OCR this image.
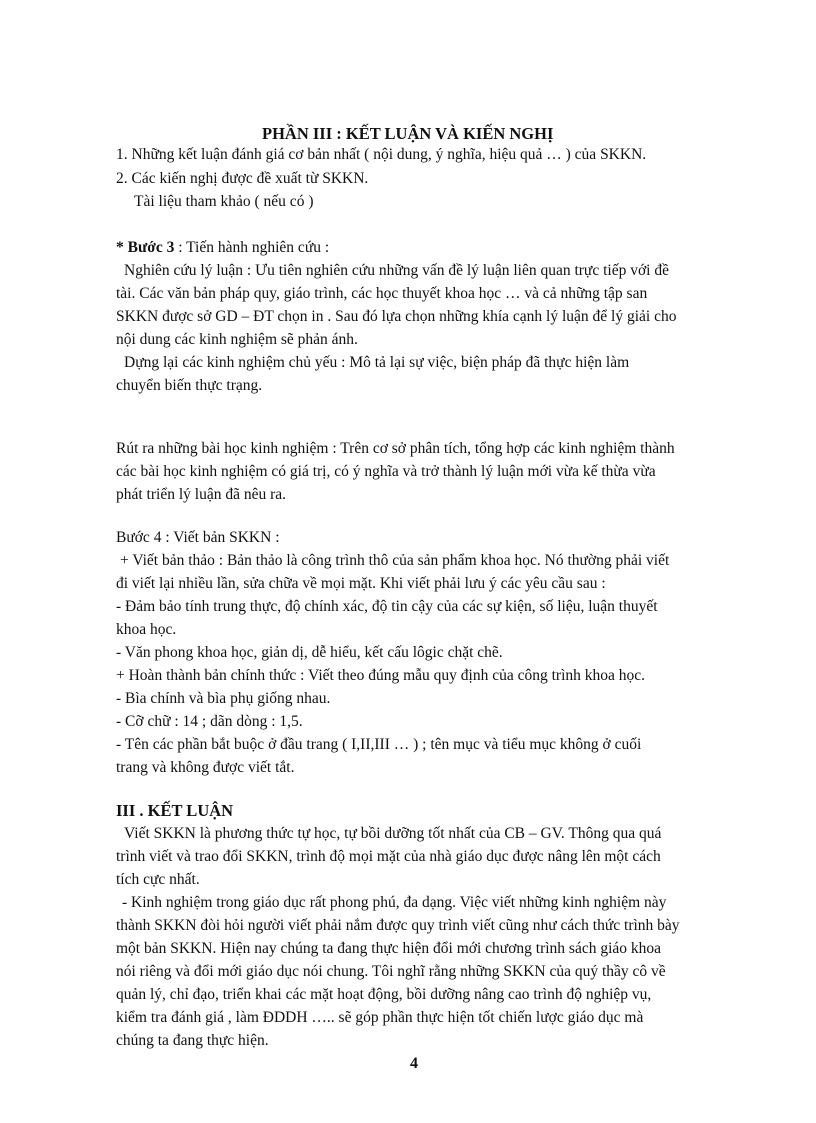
PHẦN III : KẾT LUẬN VÀ KIẾN NGHỊ
1. Những kết luận đánh giá cơ bản nhất ( nội dung, ý nghĩa, hiệu quả … ) của SKKN.
2. Các kiến nghị được đề xuất từ SKKN.
Tài liệu tham khảo ( nếu có )
* Bước 3 : Tiến hành nghiên cứu :
Nghiên cứu lý luận : Ưu tiên nghiên cứu những vấn đề lý luận liên quan trực tiếp với đề
tài. Các văn bản pháp quy, giáo trình, các học thuyết khoa học … và cả những tập san
SKKN được sở GD – ĐT chọn in . Sau đó lựa chọn những khía cạnh lý luận để lý giải cho
nội dung các kinh nghiệm sẽ phản ánh.
Dựng lại các kinh nghiệm chủ yếu : Mô tả lại sự việc, biện pháp đã thực hiện làm
chuyển biến thực trạng.
Rút ra những bài học kinh nghiệm : Trên cơ sở phân tích, tổng hợp các kinh nghiệm thành
các bài học kinh nghiệm có giá trị, có ý nghĩa và trở thành lý luận mới vừa kế thừa vừa
phát triển lý luận đã nêu ra.
Bước 4 : Viết bản SKKN :
+ Viết bản thảo : Bản thảo là công trình thô của sản phẩm khoa học. Nó thường phải viết
đi viết lại nhiều lần, sửa chữa về mọi mặt. Khi viết phải lưu ý các yêu cầu sau :
- Đảm bảo tính trung thực, độ chính xác, độ tin cậy của các sự kiện, số liệu, luận thuyết
khoa học.
- Văn phong khoa học, giản dị, dễ hiểu, kết cấu lôgic chặt chẽ.
+ Hoàn thành bản chính thức : Viết theo đúng mẫu quy định của công trình khoa học.
- Bìa chính và bìa phụ giống nhau.
- Cỡ chữ : 14 ; dãn dòng : 1,5.
- Tên các phần bắt buộc ở đầu trang ( I,II,III … ) ; tên mục và tiểu mục không ở cuối
trang và không được viết tắt.
III . KẾT LUẬN
Viết SKKN là phương thức tự học, tự bồi dưỡng tốt nhất của CB – GV. Thông qua quá
trình viết và trao đổi SKKN, trình độ mọi mặt của nhà giáo dục được nâng lên một cách
tích cực nhất.
- Kinh nghiệm trong giáo dục rất phong phú, đa dạng. Việc viết những kinh nghiệm này
thành SKKN đòi hỏi người viết phải nắm được quy trình viết cũng như cách thức trình bày
một bản SKKN. Hiện nay chúng ta đang thực hiện đổi mới chương trình sách giáo khoa
nói riêng và đổi mới giáo dục nói chung. Tôi nghĩ rằng những SKKN của quý thầy cô về
quản lý, chỉ đạo, triển khai các mặt hoạt động, bồi dưỡng nâng cao trình độ nghiệp vụ,
kiểm tra đánh giá , làm ĐDDH ….. sẽ góp phần thực hiện tốt chiến lược giáo dục mà
chúng ta đang thực hiện.
4
